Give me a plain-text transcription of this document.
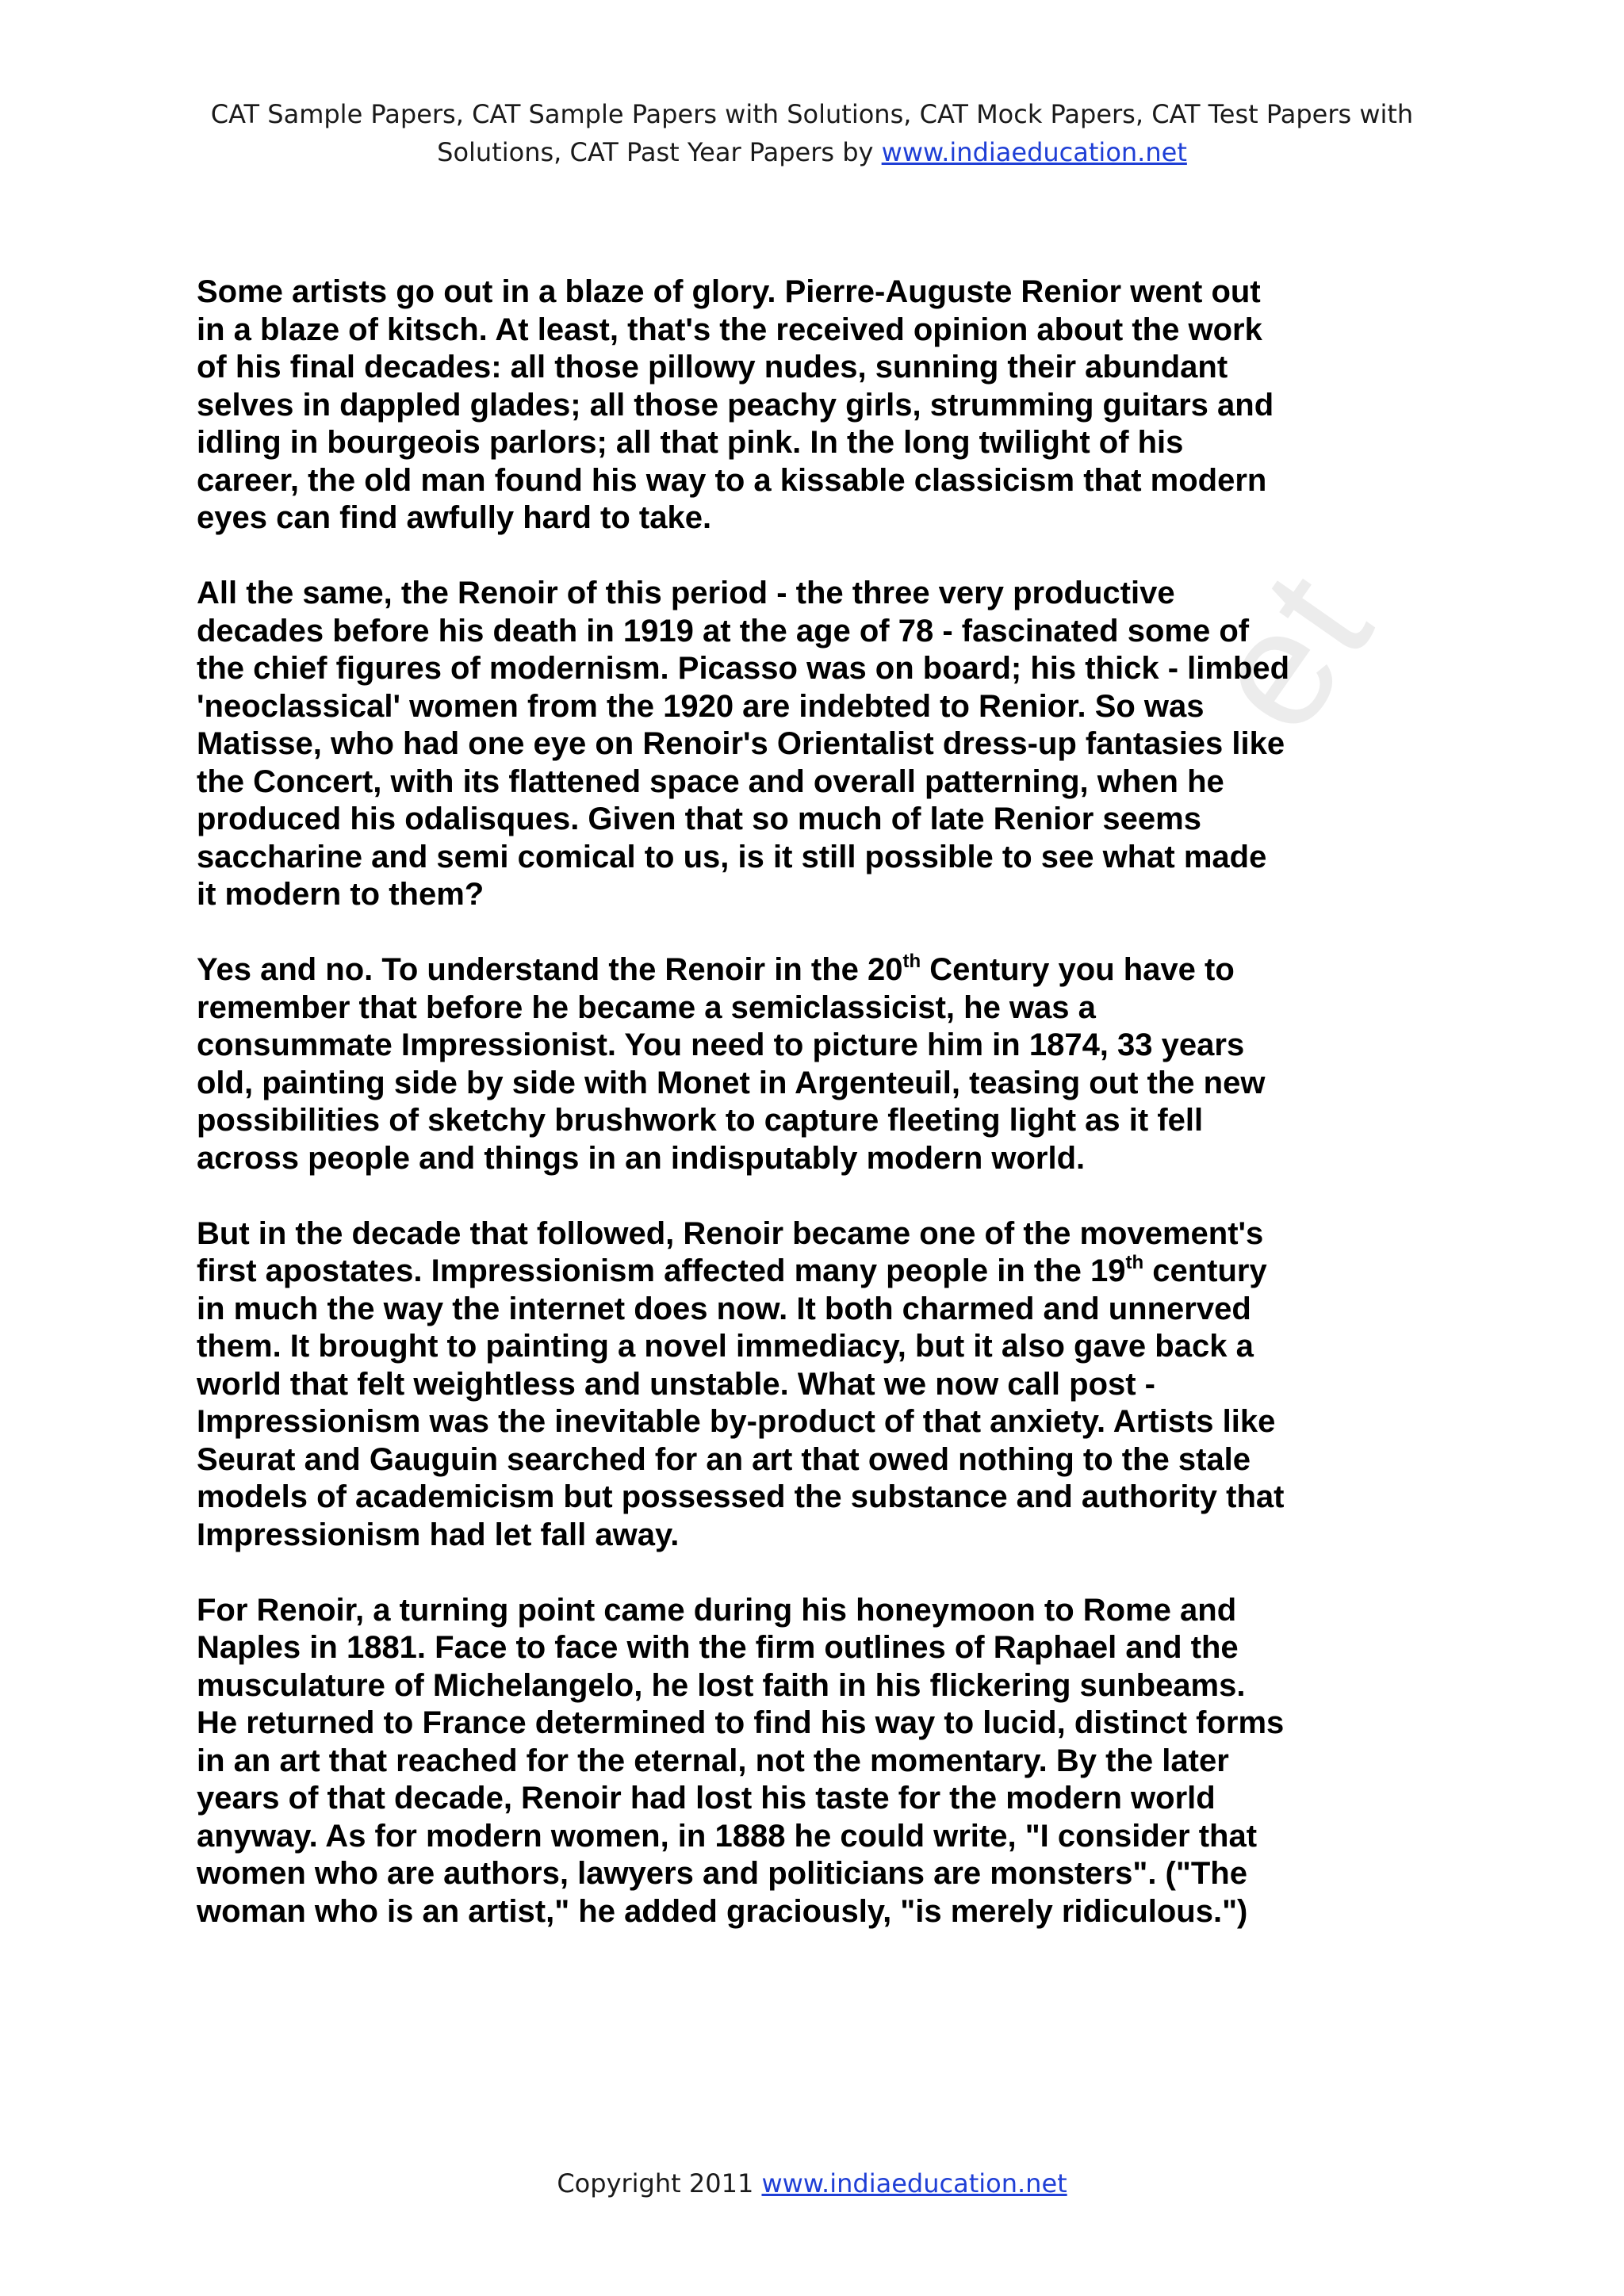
CAT Sample Papers, CAT Sample Papers with Solutions, CAT Mock Papers, CAT Test Papers with
Solutions, CAT Past Year Papers by www.indiaeducation.net
et

Some artists go out in a blaze of glory. Pierre-Auguste Renior went out in a blaze of kitsch. At least, that's the received opinion about the work of his final decades: all those pillowy nudes, sunning their abundant selves in dappled glades; all those peachy girls, strumming guitars and idling in bourgeois parlors; all that pink. In the long twilight of his career, the old man found his way to a kissable classicism that modern eyes can find awfully hard to take.

All the same, the Renoir of this period - the three very productive decades before his death in 1919 at the age of 78 - fascinated some of the chief figures of modernism. Picasso was on board; his thick - limbed 'neoclassical' women from the 1920 are indebted to Renior. So was Matisse, who had one eye on Renoir's Orientalist dress-up fantasies like the Concert, with its flattened space and overall patterning, when he produced his odalisques. Given that so much of late Renior seems saccharine and semi comical to us, is it still possible to see what made it modern to them?

Yes and no. To understand the Renoir in the 20th Century you have to remember that before he became a semiclassicist, he was a consummate Impressionist. You need to picture him in 1874, 33 years old, painting side by side with Monet in Argenteuil, teasing out the new possibilities of sketchy brushwork to capture fleeting light as it fell across people and things in an indisputably modern world.

But in the decade that followed, Renoir became one of the movement's first apostates. Impressionism affected many people in the 19th century in much the way the internet does now. It both charmed and unnerved them. It brought to painting a novel immediacy, but it also gave back a world that felt weightless and unstable. What we now call post - Impressionism was the inevitable by-product of that anxiety. Artists like Seurat and Gauguin searched for an art that owed nothing to the stale models of academicism but possessed the substance and authority that Impressionism had let fall away.

For Renoir, a turning point came during his honeymoon to Rome and Naples in 1881. Face to face with the firm outlines of Raphael and the musculature of Michelangelo, he lost faith in his flickering sunbeams. He returned to France determined to find his way to lucid, distinct forms in an art that reached for the eternal, not the momentary. By the later years of that decade, Renoir had lost his taste for the modern world anyway. As for modern women, in 1888 he could write, "I consider that women who are authors, lawyers and politicians are monsters". ("The woman who is an artist," he added graciously, "is merely ridiculous.")

Copyright 2011 www.indiaeducation.net
